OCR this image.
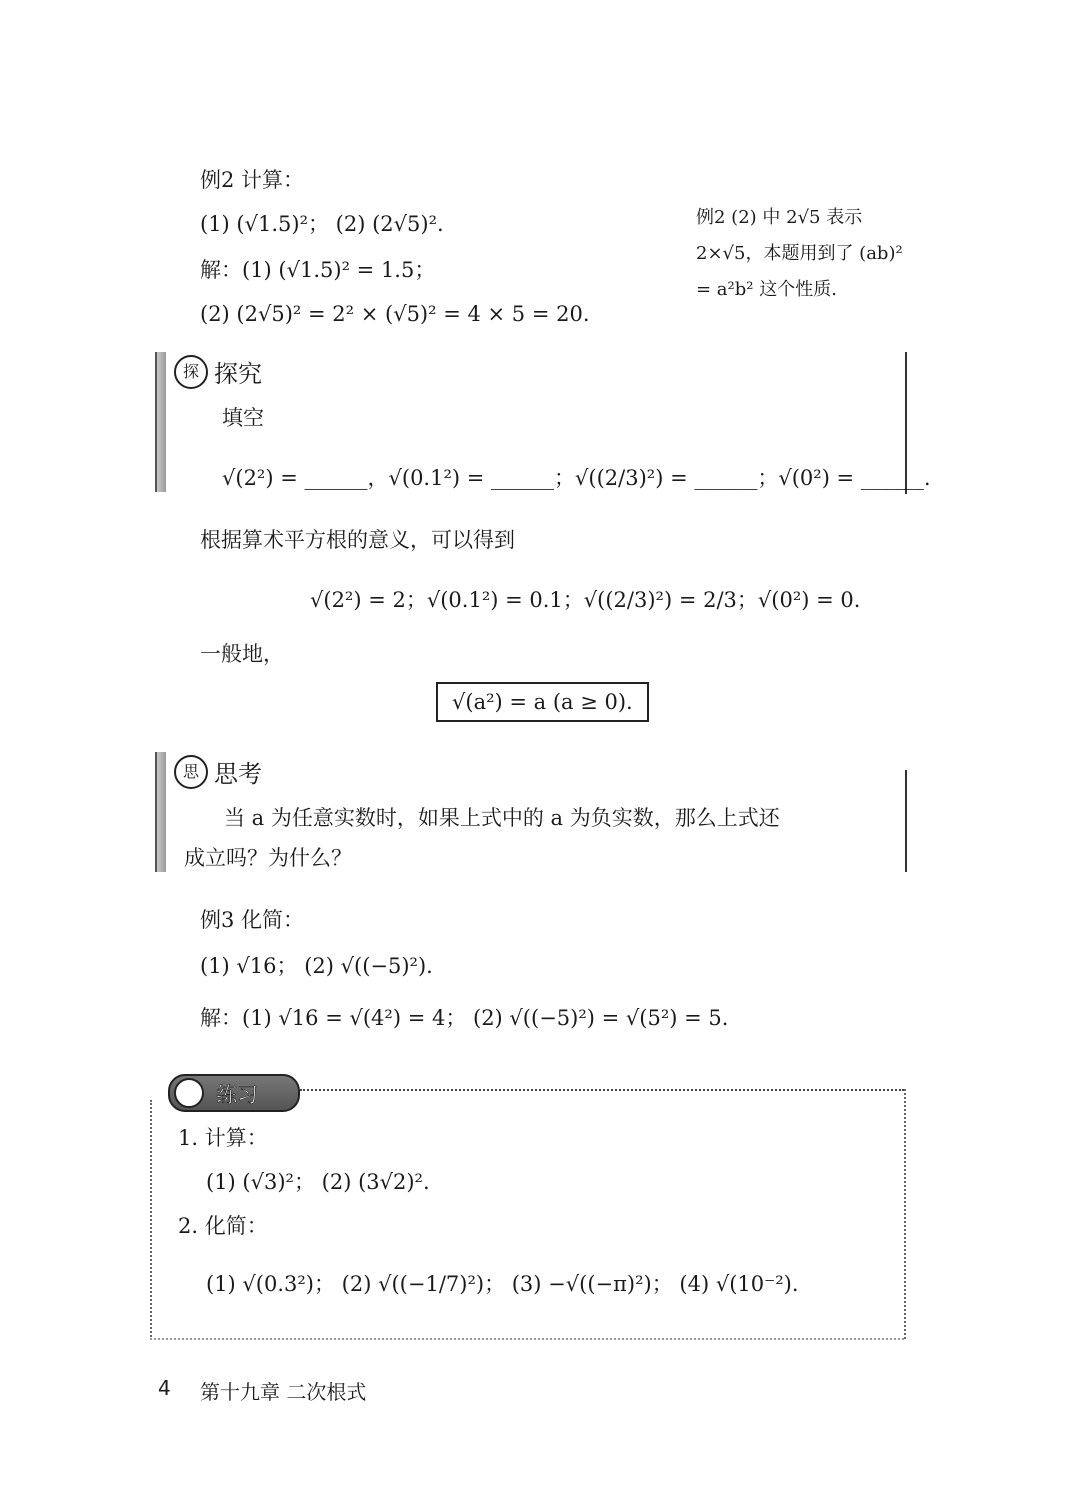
例2 计算：
(1) (√1.5)²； (2) (2√5)².
解：(1) (√1.5)² = 1.5；
(2) (2√5)² = 2² × (√5)² = 4 × 5 = 20.
例2 (2) 中 2√5 表示 2×√5，本题用到了 (ab)² = a²b² 这个性质.
探 探究
填空
√(2²) = ______，√(0.1²) = ______；√((2/3)²) = ______；√(0²) = ______.
根据算术平方根的意义，可以得到
√(2²) = 2；√(0.1²) = 0.1；√((2/3)²) = 2/3；√(0²) = 0.
一般地，
√(a²) = a (a ≥ 0).
思 思考
当 a 为任意实数时，如果上式中的 a 为负实数，那么上式还
成立吗？为什么？
例3 化简：
(1) √16； (2) √((−5)²).
解：(1) √16 = √(4²) = 4； (2) √((−5)²) = √(5²) = 5.
练习
1. 计算：
(1) (√3)²； (2) (3√2)².
2. 化简：
(1) √(0.3²)； (2) √((−1/7)²)； (3) −√((−π)²)； (4) √(10⁻²).
4 第十九章 二次根式
